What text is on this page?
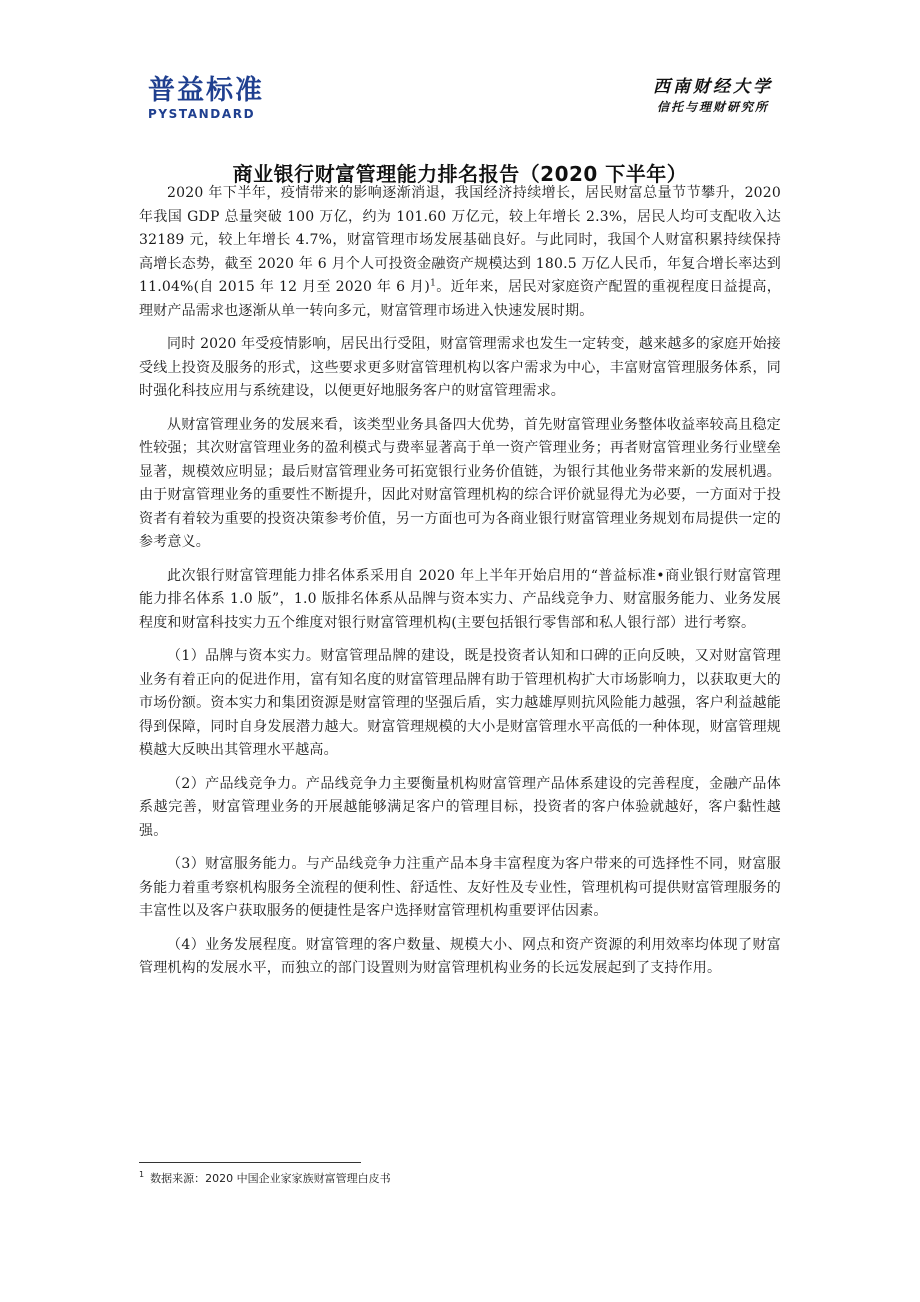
普益标准
PYSTANDARD
西南财经大学
信托与理财研究所
商业银行财富管理能力排名报告（2020 下半年）

2020 年下半年，疫情带来的影响逐渐消退，我国经济持续增长，居民财富总量节节攀升，2020 年我国 GDP 总量突破 100 万亿，约为 101.60 万亿元，较上年增长 2.3%，居民人均可支配收入达 32189 元，较上年增长 4.7%，财富管理市场发展基础良好。与此同时，我国个人财富积累持续保持高增长态势，截至 2020 年 6 月个人可投资金融资产规模达到 180.5 万亿人民币，年复合增长率达到 11.04%(自 2015 年 12 月至 2020 年 6 月)$^1$。近年来，居民对家庭资产配置的重视程度日益提高，理财产品需求也逐渐从单一转向多元，财富管理市场进入快速发展时期。

同时 2020 年受疫情影响，居民出行受阻，财富管理需求也发生一定转变，越来越多的家庭开始接受线上投资及服务的形式，这些要求更多财富管理机构以客户需求为中心，丰富财富管理服务体系，同时强化科技应用与系统建设，以便更好地服务客户的财富管理需求。

从财富管理业务的发展来看，该类型业务具备四大优势，首先财富管理业务整体收益率较高且稳定性较强；其次财富管理业务的盈利模式与费率显著高于单一资产管理业务；再者财富管理业务行业壁垒显著，规模效应明显；最后财富管理业务可拓宽银行业务价值链，为银行其他业务带来新的发展机遇。由于财富管理业务的重要性不断提升，因此对财富管理机构的综合评价就显得尤为必要，一方面对于投资者有着较为重要的投资决策参考价值，另一方面也可为各商业银行财富管理业务规划布局提供一定的参考意义。

此次银行财富管理能力排名体系采用自 2020 年上半年开始启用的“普益标准•商业银行财富管理能力排名体系 1.0 版”，1.0 版排名体系从品牌与资本实力、产品线竞争力、财富服务能力、业务发展程度和财富科技实力五个维度对银行财富管理机构(主要包括银行零售部和私人银行部）进行考察。

（1）品牌与资本实力。财富管理品牌的建设，既是投资者认知和口碑的正向反映，又对财富管理业务有着正向的促进作用，富有知名度的财富管理品牌有助于管理机构扩大市场影响力，以获取更大的市场份额。资本实力和集团资源是财富管理的坚强后盾，实力越雄厚则抗风险能力越强，客户利益越能得到保障，同时自身发展潜力越大。财富管理规模的大小是财富管理水平高低的一种体现，财富管理规模越大反映出其管理水平越高。

（2）产品线竞争力。产品线竞争力主要衡量机构财富管理产品体系建设的完善程度，金融产品体系越完善，财富管理业务的开展越能够满足客户的管理目标，投资者的客户体验就越好，客户黏性越强。

（3）财富服务能力。与产品线竞争力注重产品本身丰富程度为客户带来的可选择性不同，财富服务能力着重考察机构服务全流程的便利性、舒适性、友好性及专业性，管理机构可提供财富管理服务的丰富性以及客户获取服务的便捷性是客户选择财富管理机构重要评估因素。

（4）业务发展程度。财富管理的客户数量、规模大小、网点和资产资源的利用效率均体现了财富管理机构的发展水平，而独立的部门设置则为财富管理机构业务的长远发展起到了支持作用。

$^1$ 数据来源：2020 中国企业家家族财富管理白皮书
